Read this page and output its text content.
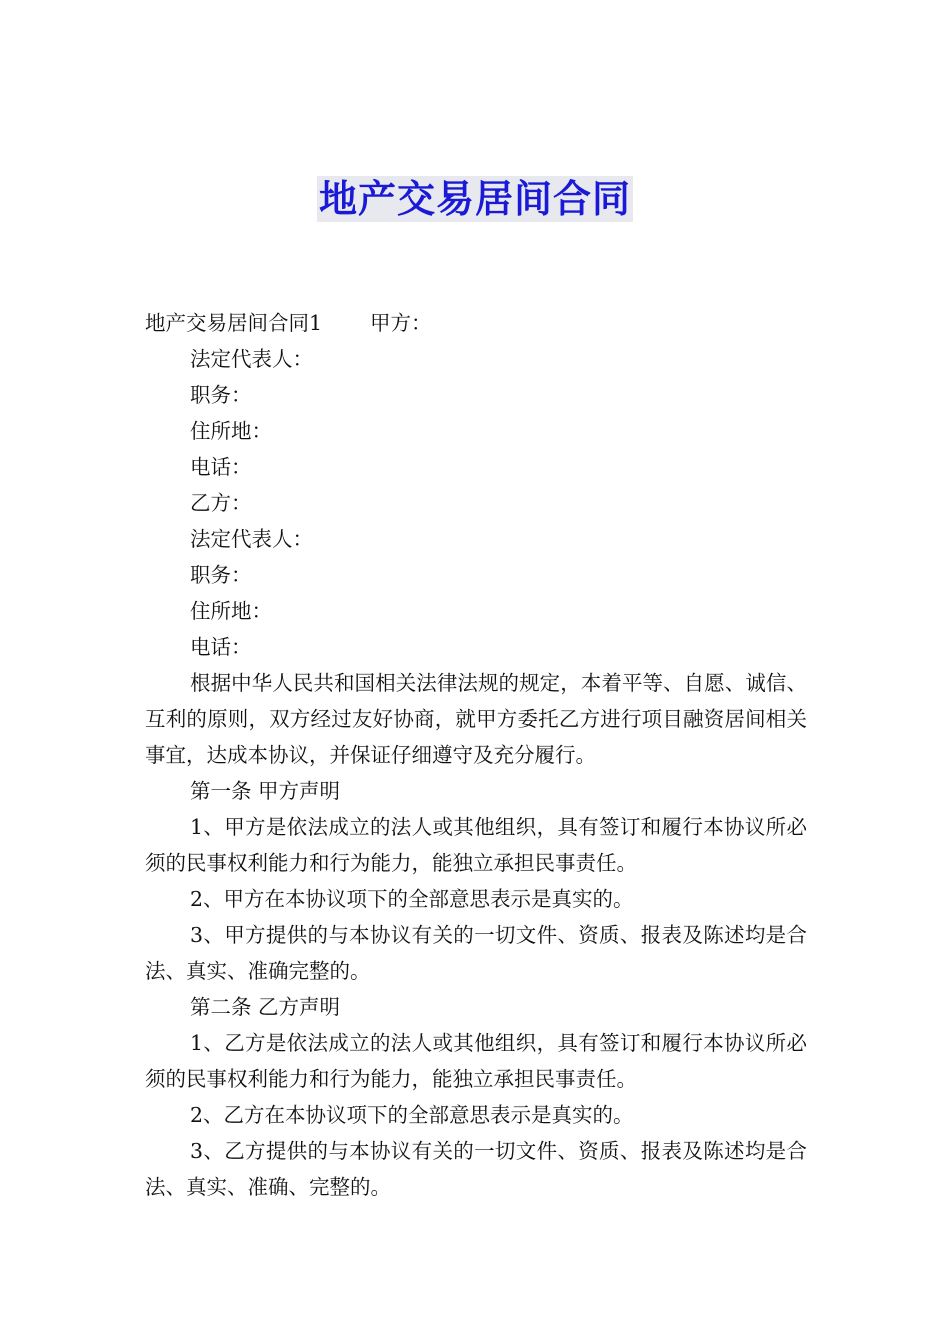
地产交易居间合同

地产交易居间合同1 甲方：

法定代表人：

职务：

住所地：

电话：

乙方：

法定代表人：

职务：

住所地：

电话：

根据中华人民共和国相关法律法规的规定，本着平等、自愿、诚信、互利的原则，双方经过友好协商，就甲方委托乙方进行项目融资居间相关事宜，达成本协议，并保证仔细遵守及充分履行。

第一条 甲方声明

1、甲方是依法成立的法人或其他组织，具有签订和履行本协议所必须的民事权利能力和行为能力，能独立承担民事责任。

2、甲方在本协议项下的全部意思表示是真实的。

3、甲方提供的与本协议有关的一切文件、资质、报表及陈述均是合法、真实、准确完整的。

第二条 乙方声明

1、乙方是依法成立的法人或其他组织，具有签订和履行本协议所必须的民事权利能力和行为能力，能独立承担民事责任。

2、乙方在本协议项下的全部意思表示是真实的。

3、乙方提供的与本协议有关的一切文件、资质、报表及陈述均是合法、真实、准确、完整的。
